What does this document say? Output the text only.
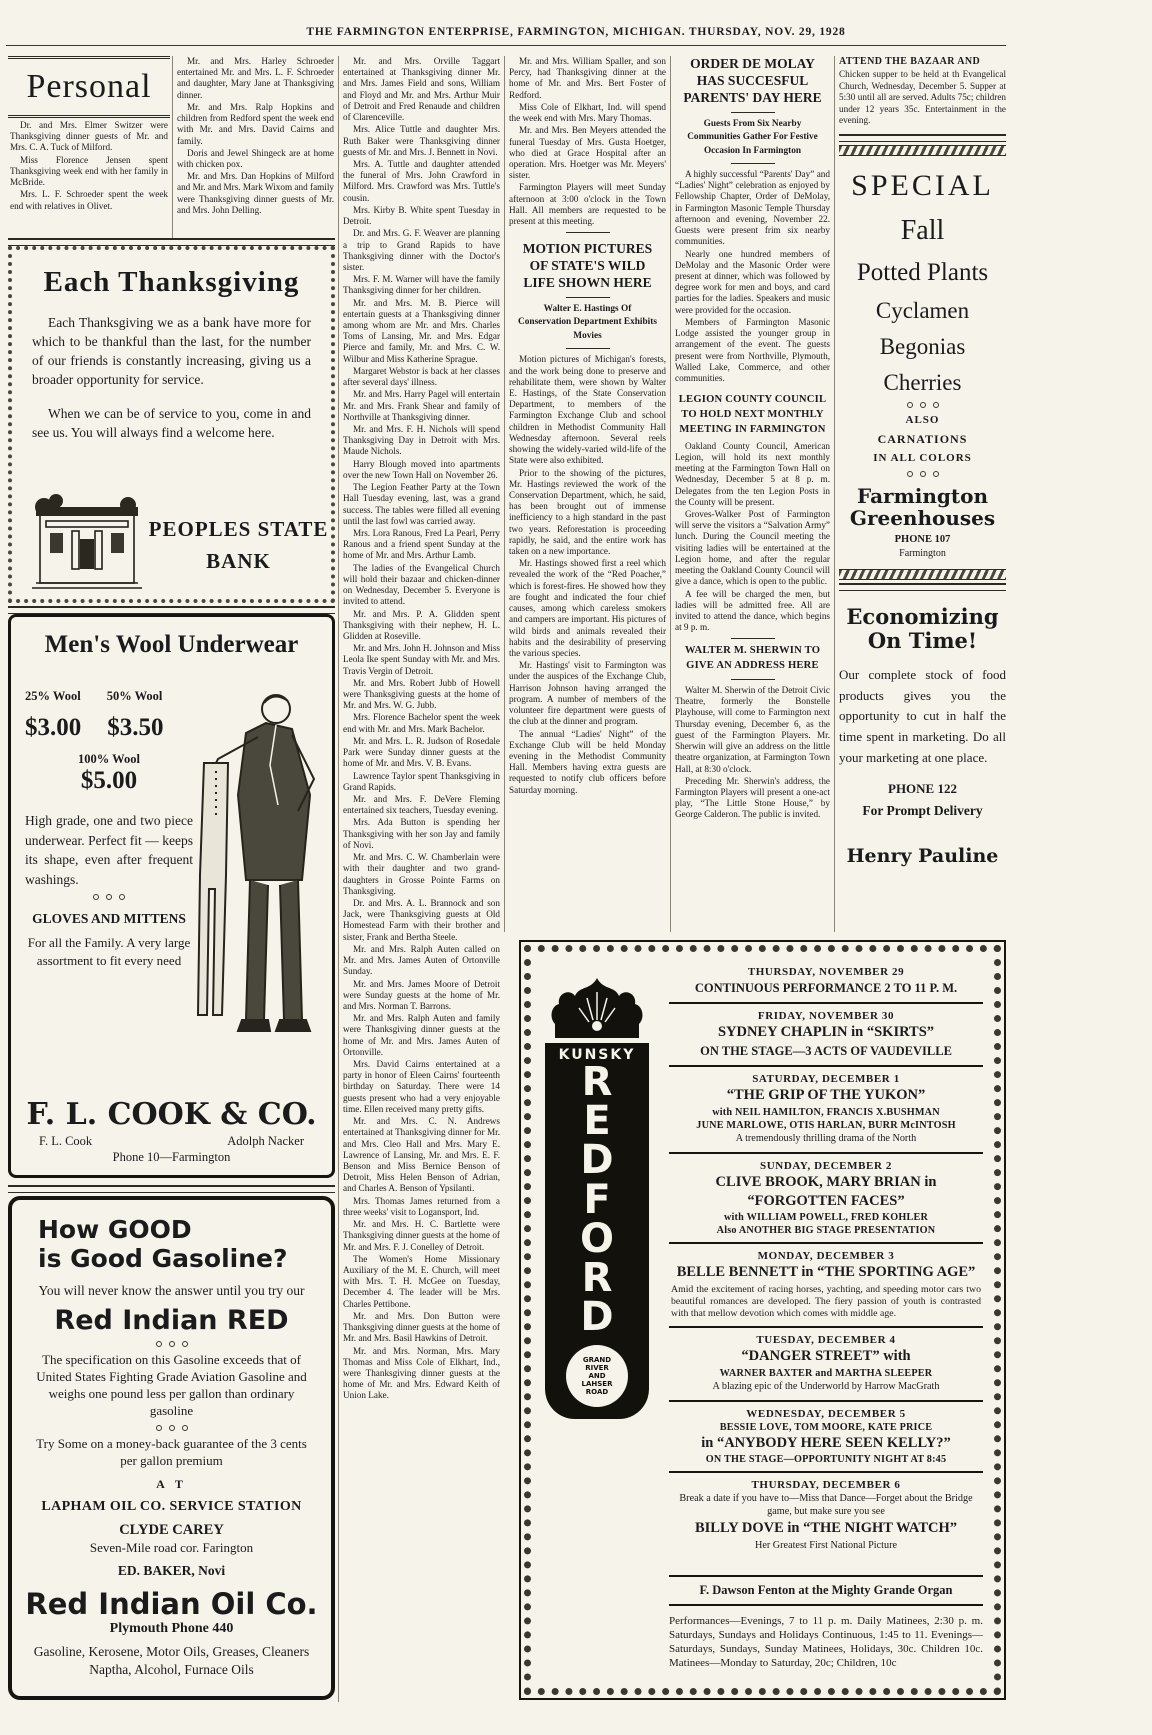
THE FARMINGTON ENTERPRISE, FARMINGTON, MICHIGAN. THURSDAY, NOV. 29, 1928
Personal

Dr. and Mrs. Elmer Switzer were Thanksgiving dinner guests of Mr. and Mrs. C. A. Tuck of Milford.

Miss Florence Jensen spent Thanksgiving week end with her family in McBride.

Mrs. L. F. Schroeder spent the week end with relatives in Olivet.

Mr. and Mrs. Harley Schroeder entertained Mr. and Mrs. L. F. Schroeder and daughter, Mary Jane at Thanksgiving dinner.

Mr. and Mrs. Ralp Hopkins and children from Redford spent the week end with Mr. and Mrs. David Cairns and family.

Doris and Jewel Shingeck are at home with chicken pox.

Mr. and Mrs. Dan Hopkins of Milford and Mr. and Mrs. Mark Wixom and family were Thanksgiving dinner guests of Mr. and Mrs. John Delling.

Each Thanksgiving
Each Thanksgiving we as a bank have more for which to be thankful than the last, for the number of our friends is constantly increasing, giving us a broader opportunity for service.
When we can be of service to you, come in and see us. You will always find a welcome here.
PEOPLES STATE
BANK
Men's Wool Underwear
25% Wool 50% Wool
$3.00 $3.50
100% Wool
$5.00
High grade, one and two piece underwear. Perfect fit — keeps its shape, even after frequent washings.
GLOVES AND MITTENS
For all the Family. A very large assortment to fit every need
F. L. COOK & CO.
F. L. Cook	Adolph Nacker
Phone 10—Farmington
How GOOD
is Good Gasoline?
You will never know the answer until you try our
Red Indian RED
The specification on this Gasoline exceeds that of United States Fighting Grade Aviation Gasoline and weighs one pound less per gallon than ordinary gasoline
Try Some on a money-back guarantee of the 3 cents per gallon premium
A T
LAPHAM OIL CO. SERVICE STATION
CLYDE CAREY
Seven-Mile road cor. Farington
ED. BAKER, Novi
Red Indian Oil Co.
Plymouth Phone 440
Gasoline, Kerosene, Motor Oils, Greases, Cleaners Naptha, Alcohol, Furnace Oils

Mr. and Mrs. Orville Taggart entertained at Thanksgiving dinner Mr. and Mrs. James Field and sons, William and Floyd and Mr. and Mrs. Arthur Muir of Detroit and Fred Renaude and children of Clarenceville.

Mrs. Alice Tuttle and daughter Mrs. Ruth Baker were Thanksgiving dinner guests of Mr. and Mrs. J. Bennett in Novi.

Mrs. A. Tuttle and daughter attended the funeral of Mrs. John Crawford in Milford. Mrs. Crawford was Mrs. Tuttle's cousin.

Mrs. Kirby B. White spent Tuesday in Detroit.

Dr. and Mrs. G. F. Weaver are planning a trip to Grand Rapids to have Thanksgiving dinner with the Doctor's sister.

Mrs. F. M. Warner will have the family Thanksgiving dinner for her children.

Mr. and Mrs. M. B. Pierce will entertain guests at a Thanksgiving dinner among whom are Mr. and Mrs. Charles Toms of Lansing, Mr. and Mrs. Edgar Pierce and family, Mr. and Mrs. C. W. Wilbur and Miss Katherine Sprague.

Margaret Webstor is back at her classes after several days' illness.

Mr. and Mrs. Harry Pagel will entertain Mr. and Mrs. Frank Shear and family of Northville at Thanksgiving dinner.

Mr. and Mrs. F. H. Nichols will spend Thanksgiving Day in Detroit with Mrs. Maude Nichols.

Harry Blough moved into apartments over the new Town Hall on November 26.

The Legion Feather Party at the Town Hall Tuesday evening, last, was a grand success. The tables were filled all evening until the last fowl was carried away.

Mrs. Lora Ranous, Fred La Pearl, Perry Ranous and a friend spent Sunday at the home of Mr. and Mrs. Arthur Lamb.

The ladies of the Evangelical Church will hold their bazaar and chicken-dinner on Wednesday, December 5. Everyone is invited to attend.

Mr. and Mrs. P. A. Glidden spent Thanksgiving with their nephew, H. L. Glidden at Roseville.

Mr. and Mrs. John H. Johnson and Miss Leola Ike spent Sunday with Mr. and Mrs. Travis Vergin of Detroit.

Mr. and Mrs. Robert Jubb of Howell were Thanksgiving guests at the home of Mr. and Mrs. W. G. Jubb.

Mrs. Florence Bachelor spent the week end with Mr. and Mrs. Mark Bachelor.

Mr. and Mrs. L. R. Judson of Rosedale Park were Sunday dinner guests at the home of Mr. and Mrs. V. B. Evans.

Lawrence Taylor spent Thanksgiving in Grand Rapids.

Mr. and Mrs. F. DeVere Fleming entertained six teachers, Tuesday evening.

Mrs. Ada Button is spending her Thanksgiving with her son Jay and family of Novi.

Mr. and Mrs. C. W. Chamberlain were with their daughter and two grand-daughters in Grosse Pointe Farms on Thanksgiving.

Dr. and Mrs. A. L. Brannock and son Jack, were Thanksgiving guests at Old Homestead Farm with their brother and sister, Frank and Bertha Steele.

Mr. and Mrs. Ralph Auten called on Mr. and Mrs. James Auten of Ortonville Sunday.

Mr. and Mrs. James Moore of Detroit were Sunday guests at the home of Mr. and Mrs. Norman T. Barrons.

Mr. and Mrs. Ralph Auten and family were Thanksgiving dinner guests at the home of Mr. and Mrs. James Auten of Ortonville.

Mrs. David Cairns entertained at a party in honor of Eleen Cairns' fourteenth birthday on Saturday. There were 14 guests present who had a very enjoyable time. Ellen received many pretty gifts.

Mr. and Mrs. C. N. Andrews entertained at Thanksgiving dinner for Mr. and Mrs. Cleo Hall and Mrs. Mary E. Lawrence of Lansing, Mr. and Mrs. E. F. Benson and Miss Bernice Benson of Detroit, Miss Helen Benson of Adrian, and Charles A. Benson of Ypsilanti.

Mrs. Thomas James returned from a three weeks' visit to Logansport, Ind.

Mr. and Mrs. H. C. Bartlette were Thanksgiving dinner guests at the home of Mr. and Mrs. F. J. Conelley of Detroit.

The Women's Home Missionary Auxiliary of the M. E. Church, will meet with Mrs. T. H. McGee on Tuesday, December 4. The leader will be Mrs. Charles Pettibone.

Mr. and Mrs. Don Button were Thanksgiving dinner guests at the home of Mr. and Mrs. Basil Hawkins of Detroit.

Mr. and Mrs. Norman, Mrs. Mary Thomas and Miss Cole of Elkhart, Ind., were Thanksgiving dinner guests at the home of Mr. and Mrs. Edward Keith of Union Lake.

Mr. and Mrs. William Spaller, and son Percy, had Thanksgiving dinner at the home of Mr. and Mrs. Bert Foster of Redford.

Miss Cole of Elkhart, Ind. will spend the week end with Mrs. Mary Thomas.

Mr. and Mrs. Ben Meyers attended the funeral Tuesday of Mrs. Gusta Hoetger, who died at Grace Hospital after an operation. Mrs. Hoetger was Mr. Meyers' sister.

Farmington Players will meet Sunday afternoon at 3:00 o'clock in the Town Hall. All members are requested to be present at this meeting.

MOTION PICTURES OF STATE'S WILD LIFE SHOWN HERE
Walter E. Hastings Of Conservation Department Exhibits Movies

Motion pictures of Michigan's forests, and the work being done to preserve and rehabilitate them, were shown by Walter E. Hastings, of the State Conservation Department, to members of the Farmington Exchange Club and school children in Methodist Community Hall Wednesday afternoon. Several reels showing the widely-varied wild-life of the State were also exhibited.

Prior to the showing of the pictures, Mr. Hastings reviewed the work of the Conservation Department, which, he said, has been brought out of immense inefficiency to a high standard in the past two years. Reforestation is proceeding rapidly, he said, and the entire work has taken on a new importance.

Mr. Hastings showed first a reel which revealed the work of the “Red Poacher,” which is forest-fires. He showed how they are fought and indicated the four chief causes, among which careless smokers and campers are important. His pictures of wild birds and animals revealed their habits and the desirability of preserving the various species.

Mr. Hastings' visit to Farmington was under the auspices of the Exchange Club, Harrison Johnson having arranged the program. A number of members of the volunteer fire department were guests of the club at the dinner and program.

The annual “Ladies' Night” of the Exchange Club will be held Monday evening in the Methodist Community Hall. Members having extra guests are requested to notify club officers before Saturday morning.

ORDER DE MOLAY HAS SUCCESFUL PARENTS' DAY HERE
Guests From Six Nearby Communities Gather For Festive Occasion In Farmington

A highly successful “Parents' Day” and “Ladies' Night” celebration as enjoyed by Fellowship Chapter, Order of DeMolay, in Farmington Masonic Temple Thursday afternoon and evening, November 22. Guests were present frim six nearby communities.

Nearly one hundred members of DeMolay and the Masonic Order were present at dinner, which was followed by degree work for men and boys, and card parties for the ladies. Speakers and music were provided for the occasion.

Members of Farmington Masonic Lodge assisted the younger group in arrangement of the event. The guests present were from Northville, Plymouth, Walled Lake, Commerce, and other communities.

LEGION COUNTY COUNCIL TO HOLD NEXT MONTHLY MEETING IN FARMINGTON

Oakland County Council, American Legion, will hold its next monthly meeting at the Farmington Town Hall on Wednesday, December 5 at 8 p. m. Delegates from the ten Legion Posts in the County will be present.

Groves-Walker Post of Farmington will serve the visitors a “Salvation Army” lunch. During the Council meeting the visiting ladies will be entertained at the Legion home, and after the regular meeting the Oakland County Council will give a dance, which is open to the public.

A fee will be charged the men, but ladies will be admitted free. All are invited to attend the dance, which begins at 9 p. m.

WALTER M. SHERWIN TO GIVE AN ADDRESS HERE

Walter M. Sherwin of the Detroit Civic Theatre, formerly the Bonstelle Playhouse, will come to Farmington next Thursday evening, December 6, as the guest of the Farmington Players. Mr. Sherwin will give an address on the little theatre organization, at Farmington Town Hall, at 8:30 o'clock.

Preceding Mr. Sherwin's address, the Farmington Players will present a one-act play, “The Little Stone House,” by George Calderon. The public is invited.

ATTEND THE BAZAAR AND
Chicken supper to be held at th Evangelical Church, Wednesday, December 5. Supper at 5:30 until all are served. Adults 75c; children under 12 years 35c. Entertainment in the evening.
SPECIAL
Fall
Potted Plants
Cyclamen
Begonias
Cherries
ALSO
CARNATIONS
IN ALL COLORS
Farmington Greenhouses
PHONE 107
Farmington
Economizing
On Time!
Our complete stock of food products gives you the opportunity to cut in half the time spent in marketing. Do all your marketing at one place.
PHONE 122
For Prompt Delivery
Henry Pauline
KUNSKY
R
E
D
F
O
R
D
GRAND
RIVER
AND
LAHSER
ROAD
THURSDAY, NOVEMBER 29
CONTINUOUS PERFORMANCE 2 TO 11 P. M.
FRIDAY, NOVEMBER 30
SYDNEY CHAPLIN in “SKIRTS”
ON THE STAGE—3 ACTS OF VAUDEVILLE
SATURDAY, DECEMBER 1
“THE GRIP OF THE YUKON”
with NEIL HAMILTON, FRANCIS X.BUSHMAN
JUNE MARLOWE, OTIS HARLAN, BURR McINTOSH
A tremendously thrilling drama of the North
SUNDAY, DECEMBER 2
CLIVE BROOK, MARY BRIAN in
“FORGOTTEN FACES”
with WILLIAM POWELL, FRED KOHLER
Also ANOTHER BIG STAGE PRESENTATION
MONDAY, DECEMBER 3
BELLE BENNETT in “THE SPORTING AGE”
Amid the excitement of racing horses, yachting, and speeding motor cars two beautiful romances are developed. The fiery passion of youth is contrasted with that mellow devotion which comes with middle age.
TUESDAY, DECEMBER 4
“DANGER STREET” with
WARNER BAXTER and MARTHA SLEEPER
A blazing epic of the Underworld by Harrow MacGrath
WEDNESDAY, DECEMBER 5
BESSIE LOVE, TOM MOORE, KATE PRICE
in “ANYBODY HERE SEEN KELLY?”
ON THE STAGE—OPPORTUNITY NIGHT AT 8:45
THURSDAY, DECEMBER 6
Break a date if you have to—Miss that Dance—Forget about the Bridge game, but make sure you see
BILLY DOVE in “THE NIGHT WATCH”
Her Greatest First National Picture
F. Dawson Fenton at the Mighty Grande Organ
Performances—Evenings, 7 to 11 p. m. Daily Matinees, 2:30 p. m. Saturdays, Sundays and Holidays Continuous, 1:45 to 11. Evenings—Saturdays, Sundays, Sunday Matinees, Holidays, 30c. Children 10c. Matinees—Monday to Saturday, 20c; Children, 10c
